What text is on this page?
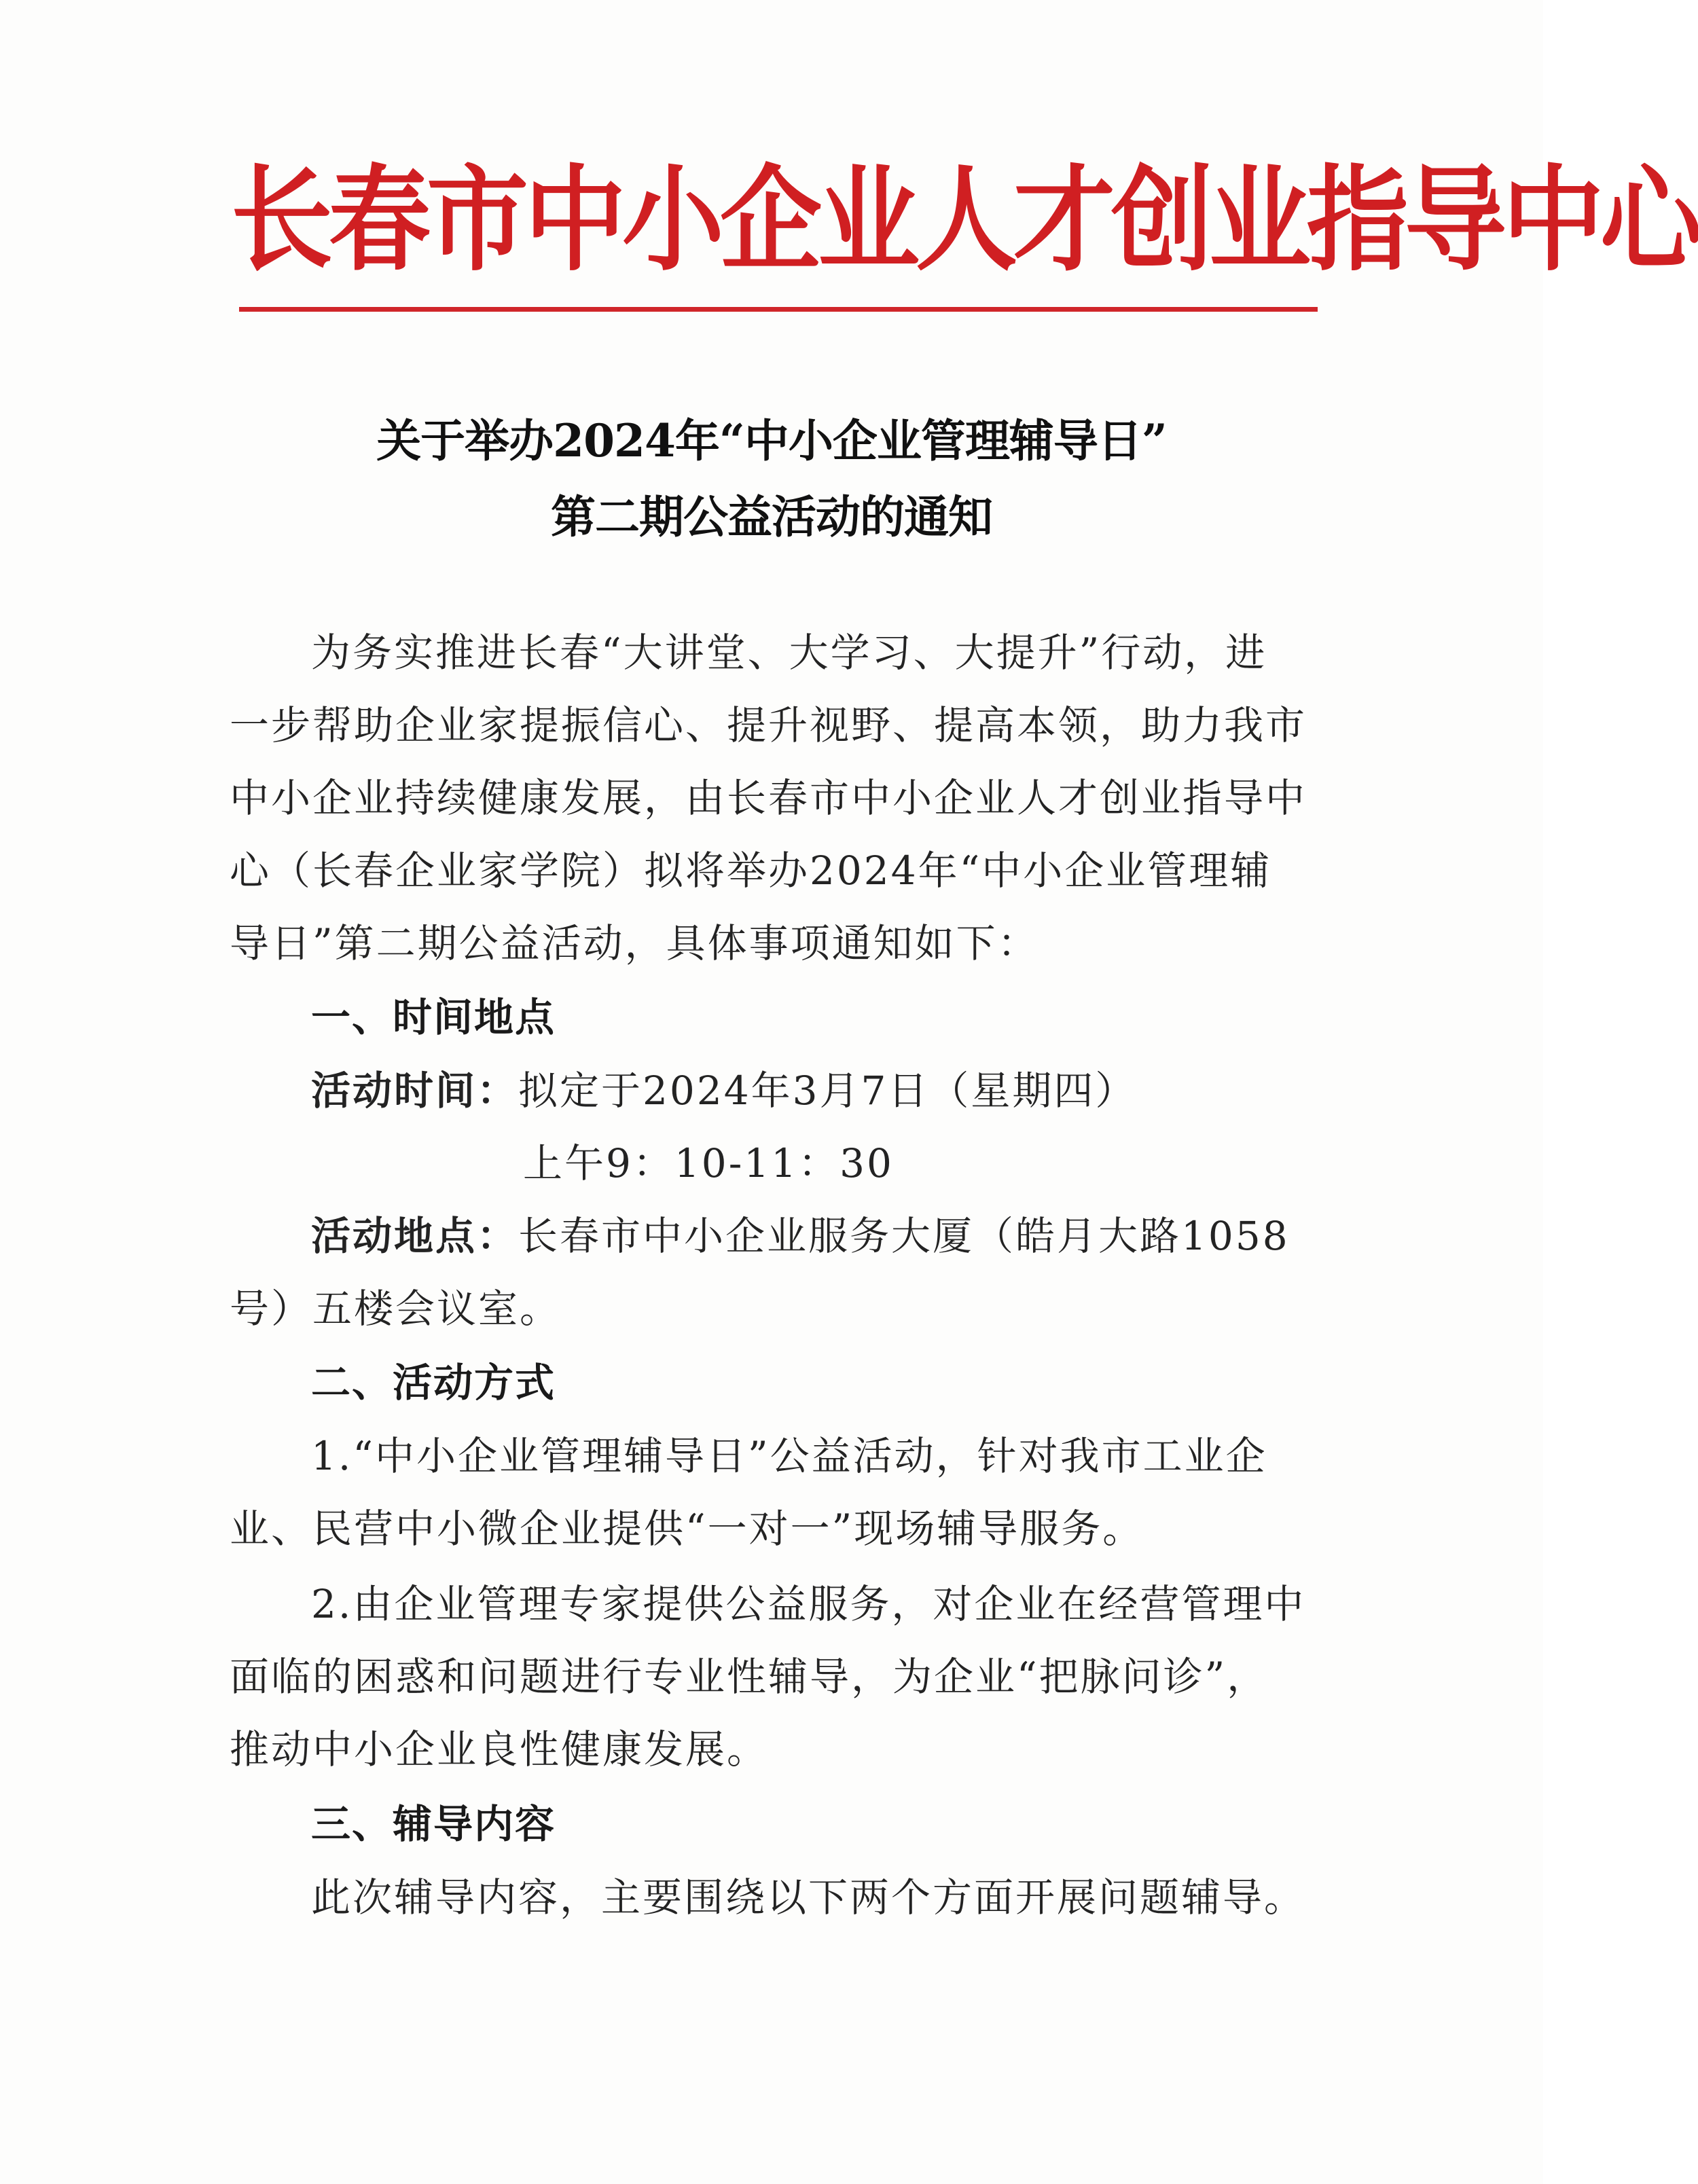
长春市中小企业人才创业指导中心
关于举办2024年“中小企业管理辅导日”
第二期公益活动的通知
为务实推进长春“大讲堂、大学习、大提升”行动，进
一步帮助企业家提振信心、提升视野、提高本领，助力我市
中小企业持续健康发展，由长春市中小企业人才创业指导中
心（长春企业家学院）拟将举办2024年“中小企业管理辅
导日”第二期公益活动，具体事项通知如下：
一、时间地点
活动时间：拟定于2024年3月7日（星期四）
上午9：10-11：30
活动地点：长春市中小企业服务大厦（皓月大路1058
号）五楼会议室。
二、活动方式
1.“中小企业管理辅导日”公益活动，针对我市工业企
业、民营中小微企业提供“一对一”现场辅导服务。
2.由企业管理专家提供公益服务，对企业在经营管理中
面临的困惑和问题进行专业性辅导，为企业“把脉问诊”，
推动中小企业良性健康发展。
三、辅导内容
此次辅导内容，主要围绕以下两个方面开展问题辅导。
